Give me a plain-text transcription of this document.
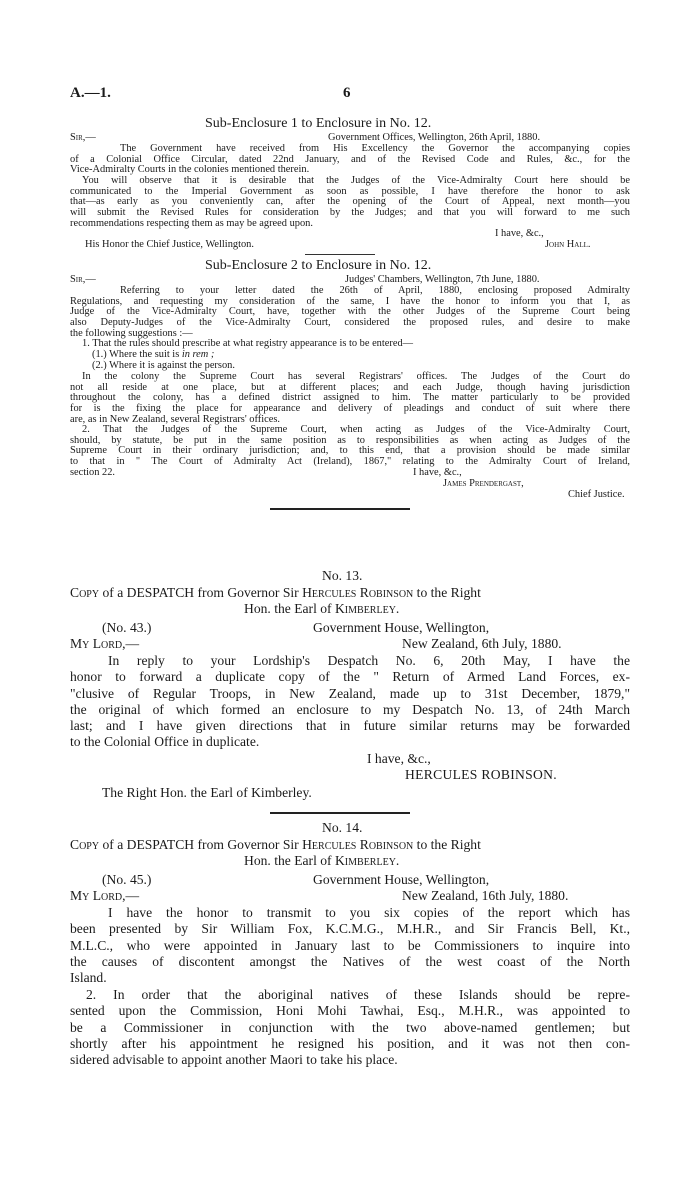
A.—1.	6
Sub-Enclosure 1 to Enclosure in No. 12.
Sir,—	Government Offices, Wellington, 26th April, 1880.
The Government have received from His Excellency the Governor the accompanying copies
of a Colonial Office Circular, dated 22nd January, and of the Revised Code and Rules, &c., for the
Vice-Admiralty Courts in the colonies mentioned therein.
You will observe that it is desirable that the Judges of the Vice-Admiralty Court here should be
communicated to the Imperial Government as soon as possible, I have therefore the honor to ask
that—as early as you conveniently can, after the opening of the Court of Appeal, next month—you
will submit the Revised Rules for consideration by the Judges; and that you will forward to me such
recommendations respecting them as may be agreed upon.
I have, &c.,
His Honor the Chief Justice, Wellington.	John Hall.
Sub-Enclosure 2 to Enclosure in No. 12.
Sir,—	Judges' Chambers, Wellington, 7th June, 1880.
Referring to your letter dated the 26th of April, 1880, enclosing proposed Admiralty
Regulations, and requesting my consideration of the same, I have the honor to inform you that I, as
Judge of the Vice-Admiralty Court, have, together with the other Judges of the Supreme Court being
also Deputy-Judges of the Vice-Admiralty Court, considered the proposed rules, and desire to make
the following suggestions :—
1. That the rules should prescribe at what registry appearance is to be entered—
(1.) Where the suit is in rem ;
(2.) Where it is against the person.
In the colony the Supreme Court has several Registrars' offices. The Judges of the Court do
not all reside at one place, but at different places; and each Judge, though having jurisdiction
throughout the colony, has a defined district assigned to him. The matter particularly to be provided
for is the fixing the place for appearance and delivery of pleadings and conduct of suit where there
are, as in New Zealand, several Registrars' offices.
2. That the Judges of the Supreme Court, when acting as Judges of the Vice-Admiralty Court,
should, by statute, be put in the same position as to responsibilities as when acting as Judges of the
Supreme Court in their ordinary jurisdiction; and, to this end, that a provision should be made similar
to that in " The Court of Admiralty Act (Ireland), 1867," relating to the Admiralty Court of Ireland,
section 22.	I have, &c.,
James Prendergast,
Chief Justice.
No. 13.
Copy of a DESPATCH from Governor Sir Hercules Robinson to the Right
Hon. the Earl of Kimberley.
(No. 43.)	Government House, Wellington,
My Lord,—	New Zealand, 6th July, 1880.
In reply to your Lordship's Despatch No. 6, 20th May, I have the
honor to forward a duplicate copy of the " Return of Armed Land Forces, ex-
"clusive of Regular Troops, in New Zealand, made up to 31st December, 1879,"
the original of which formed an enclosure to my Despatch No. 13, of 24th March
last; and I have given directions that in future similar returns may be forwarded
to the Colonial Office in duplicate.
I have, &c.,
HERCULES ROBINSON.
The Right Hon. the Earl of Kimberley.
No. 14.
Copy of a DESPATCH from Governor Sir Hercules Robinson to the Right
Hon. the Earl of Kimberley.
(No. 45.)	Government House, Wellington,
My Lord,—	New Zealand, 16th July, 1880.
I have the honor to transmit to you six copies of the report which has
been presented by Sir William Fox, K.C.M.G., M.H.R., and Sir Francis Bell, Kt.,
M.L.C., who were appointed in January last to be Commissioners to inquire into
the causes of discontent amongst the Natives of the west coast of the North
Island.
2. In order that the aboriginal natives of these Islands should be repre-
sented upon the Commission, Honi Mohi Tawhai, Esq., M.H.R., was appointed to
be a Commissioner in conjunction with the two above-named gentlemen; but
shortly after his appointment he resigned his position, and it was not then con-
sidered advisable to appoint another Maori to take his place.
